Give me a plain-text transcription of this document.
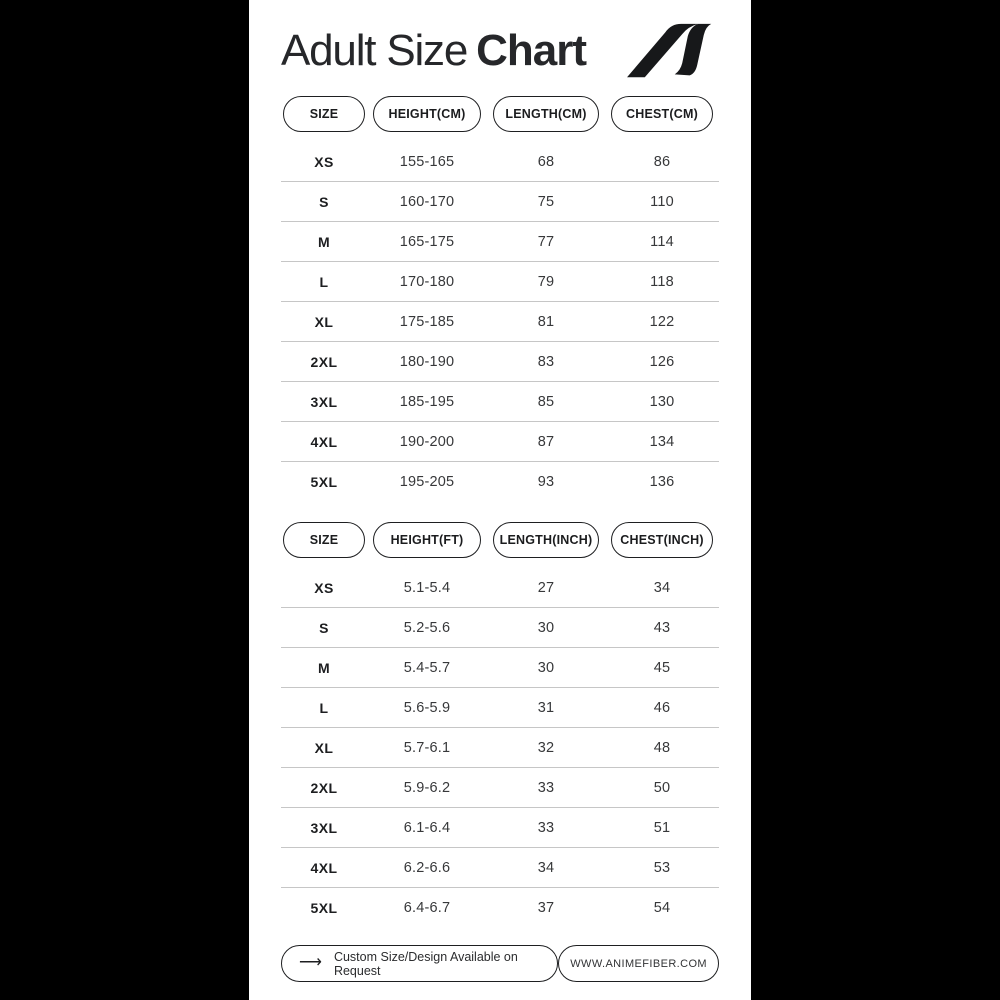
Adult Size Chart
SIZE	HEIGHT(CM)	LENGTH(CM)	CHEST(CM)
XS	155-165	68	86
S	160-170	75	110
M	165-175	77	114
L	170-180	79	118
XL	175-185	81	122
2XL	180-190	83	126
3XL	185-195	85	130
4XL	190-200	87	134
5XL	195-205	93	136
SIZE	HEIGHT(FT)	LENGTH(INCH)	CHEST(INCH)
XS	5.1-5.4	27	34
S	5.2-5.6	30	43
M	5.4-5.7	30	45
L	5.6-5.9	31	46
XL	5.7-6.1	32	48
2XL	5.9-6.2	33	50
3XL	6.1-6.4	33	51
4XL	6.2-6.6	34	53
5XL	6.4-6.7	37	54
⟶ Custom Size/Design Available on Request	WWW.ANIMEFIBER.COM
